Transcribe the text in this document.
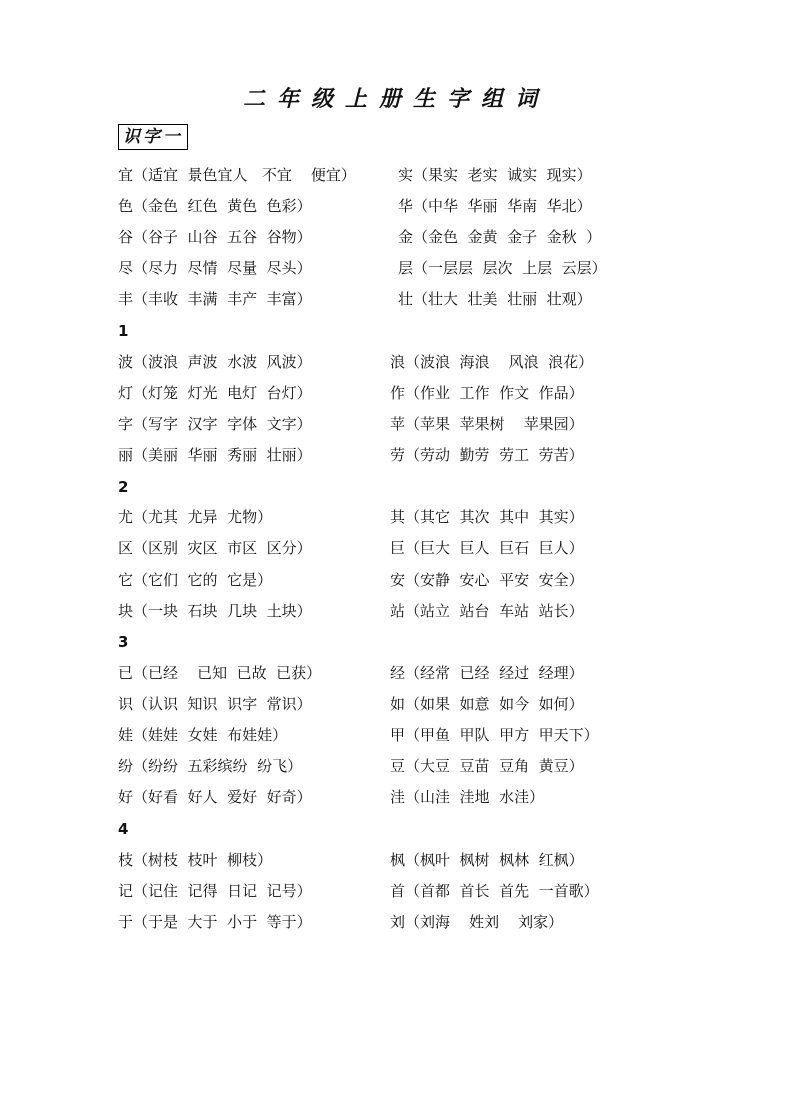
二年级上册生字组词
识字一
宜（适宜  景色宜人   不宜    便宜）	实（果实  老实  诚实  现实）
色（金色  红色  黄色  色彩）	华（中华  华丽  华南  华北）
谷（谷子  山谷  五谷  谷物）	金（金色  金黄  金子  金秋  ）
尽（尽力  尽情  尽量  尽头）	层（一层层  层次  上层  云层）
丰（丰收  丰满  丰产  丰富）	壮（壮大  壮美  壮丽  壮观）
1
波（波浪  声波  水波  风波）	浪（波浪  海浪    风浪  浪花）
灯（灯笼  灯光  电灯  台灯）	作（作业  工作  作文  作品）
字（写字  汉字  字体  文字）	苹（苹果  苹果树    苹果园）
丽（美丽  华丽  秀丽  壮丽）	劳（劳动  勤劳  劳工  劳苦）
2
尤（尤其  尤异  尤物）	其（其它  其次  其中  其实）
区（区别  灾区  市区  区分）	巨（巨大  巨人  巨石  巨人）
它（它们  它的  它是）	安（安静  安心  平安  安全）
块（一块  石块  几块  土块）	站（站立  站台  车站  站长）
3
已（已经    已知  已故  已获）	经（经常  已经  经过  经理）
识（认识  知识  识字  常识）	如（如果  如意  如今  如何）
娃（娃娃  女娃  布娃娃）	甲（甲鱼  甲队  甲方  甲天下）
纷（纷纷  五彩缤纷  纷飞）	豆（大豆  豆苗  豆角  黄豆）
好（好看  好人  爱好  好奇）	洼（山洼  洼地  水洼）
4
枝（树枝  枝叶  柳枝）	枫（枫叶  枫树  枫林  红枫）
记（记住  记得  日记  记号）	首（首都  首长  首先  一首歌）
于（于是  大于  小于  等于）	刘（刘海    姓刘    刘家）
